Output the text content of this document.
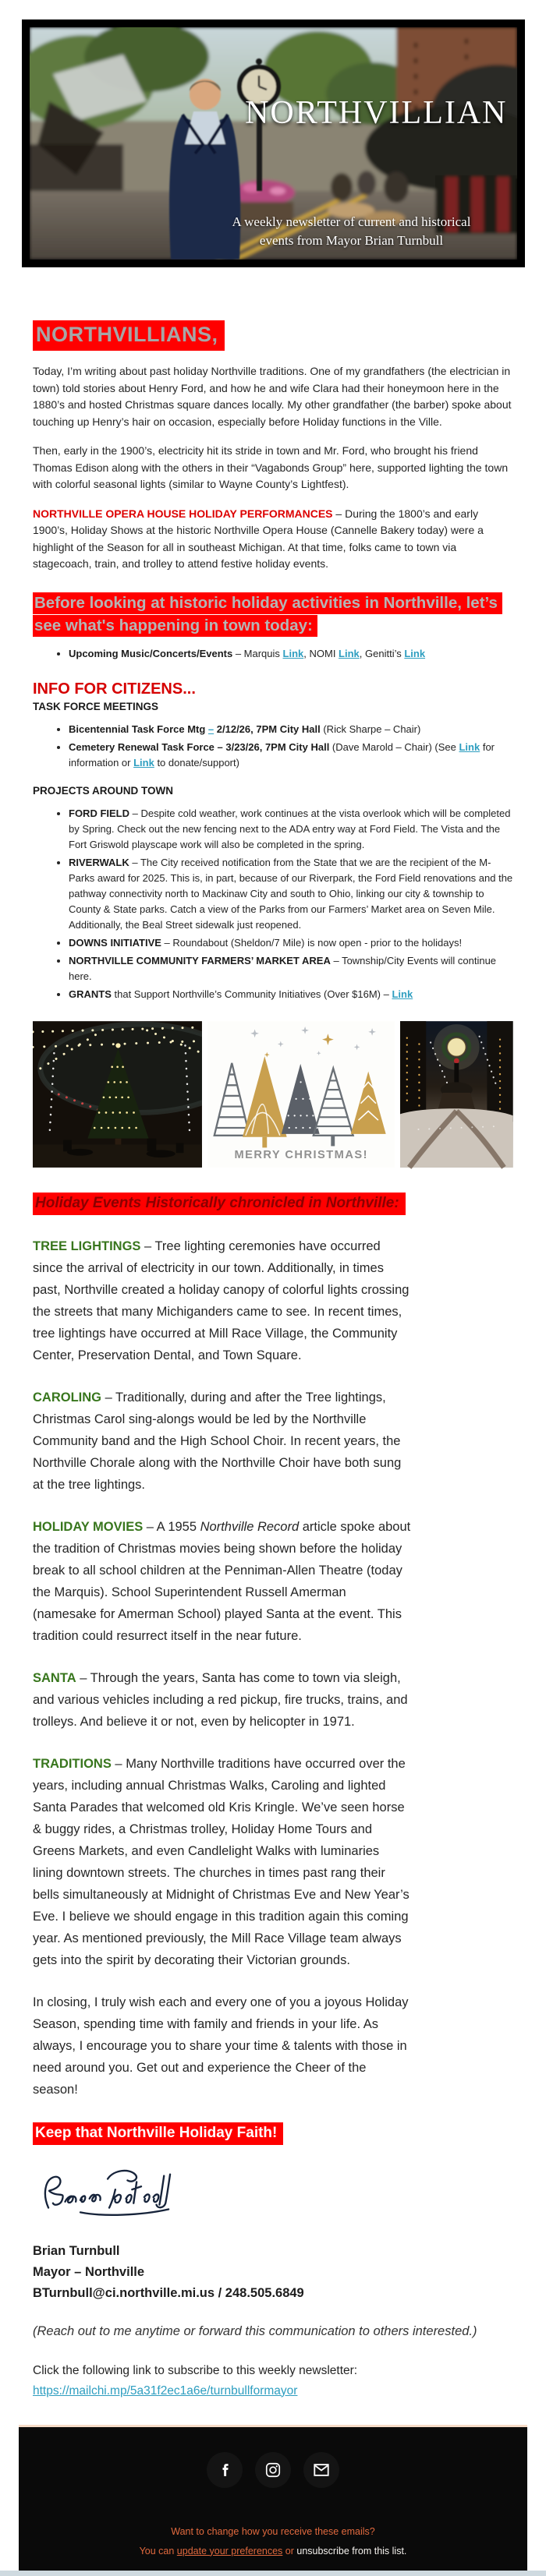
NORTHVILLIAN
A weekly newsletter of current and historical events from Mayor Brian Turnbull
NORTHVILLIANS,

Today, I’m writing about past holiday Northville traditions. One of my grandfathers (the electrician in town) told stories about Henry Ford, and how he and wife Clara had their honeymoon here in the 1880’s and hosted Christmas square dances locally. My other grandfather (the barber) spoke about touching up Henry’s hair on occasion, especially before Holiday functions in the Ville.

Then, early in the 1900’s, electricity hit its stride in town and Mr. Ford, who brought his friend Thomas Edison along with the others in their “Vagabonds Group” here, supported lighting the town with colorful seasonal lights (similar to Wayne County’s Lightfest).

NORTHVILLE OPERA HOUSE HOLIDAY PERFORMANCES – During the 1800’s and early 1900’s, Holiday Shows at the historic Northville Opera House (Cannelle Bakery today) were a highlight of the Season for all in southeast Michigan. At that time, folks came to town via stagecoach, train, and trolley to attend festive holiday events.

Before looking at historic holiday activities in Northville, let’s see what's happening in town today:
• Upcoming Music/Concerts/Events – Marquis Link, NOMI Link, Genitti’s Link
INFO FOR CITIZENS...
TASK FORCE MEETINGS
• Bicentennial Task Force Mtg – 2/12/26, 7PM City Hall (Rick Sharpe – Chair)
• Cemetery Renewal Task Force – 3/23/26, 7PM City Hall (Dave Marold – Chair) (See Link for information or Link to donate/support)
PROJECTS AROUND TOWN
• FORD FIELD – Despite cold weather, work continues at the vista overlook which will be completed by Spring. Check out the new fencing next to the ADA entry way at Ford Field. The Vista and the Fort Griswold playscape work will also be completed in the spring.
• RIVERWALK – The City received notification from the State that we are the recipient of the M-Parks award for 2025. This is, in part, because of our Riverpark, the Ford Field renovations and the pathway connectivity north to Mackinaw City and south to Ohio, linking our city & township to County & State parks. Catch a view of the Parks from our Farmers’ Market area on Seven Mile. Additionally, the Beal Street sidewalk just reopened.
• DOWNS INITIATIVE – Roundabout (Sheldon/7 Mile) is now open - prior to the holidays!
• NORTHVILLE COMMUNITY FARMERS’ MARKET AREA – Township/City Events will continue here.
• GRANTS that Support Northville’s Community Initiatives (Over $16M) – Link
MERRY CHRISTMAS!
Holiday Events Historically chronicled in Northville:

TREE LIGHTINGS – Tree lighting ceremonies have occurred since the arrival of electricity in our town. Additionally, in times past, Northville created a holiday canopy of colorful lights crossing the streets that many Michiganders came to see. In recent times, tree lightings have occurred at Mill Race Village, the Community Center, Preservation Dental, and Town Square.

CAROLING – Traditionally, during and after the Tree lightings, Christmas Carol sing-alongs would be led by the Northville Community band and the High School Choir. In recent years, the Northville Chorale along with the Northville Choir have both sung at the tree lightings.

HOLIDAY MOVIES – A 1955 Northville Record article spoke about the tradition of Christmas movies being shown before the holiday break to all school children at the Penniman-Allen Theatre (today the Marquis). School Superintendent Russell Amerman (namesake for Amerman School) played Santa at the event. This tradition could resurrect itself in the near future.

SANTA – Through the years, Santa has come to town via sleigh, and various vehicles including a red pickup, fire trucks, trains, and trolleys. And believe it or not, even by helicopter in 1971.

TRADITIONS – Many Northville traditions have occurred over the years, including annual Christmas Walks, Caroling and lighted Santa Parades that welcomed old Kris Kringle. We’ve seen horse & buggy rides, a Christmas trolley, Holiday Home Tours and Greens Markets, and even Candlelight Walks with luminaries lining downtown streets. The churches in times past rang their bells simultaneously at Midnight of Christmas Eve and New Year’s Eve. I believe we should engage in this tradition again this coming year. As mentioned previously, the Mill Race Village team always gets into the spirit by decorating their Victorian grounds.

In closing, I truly wish each and every one of you a joyous Holiday Season, spending time with family and friends in your life. As always, I encourage you to share your time & talents with those in need around you. Get out and experience the Cheer of the season!

Keep that Northville Holiday Faith!
Brian Turnbull
Mayor – Northville
BTurnbull@ci.northville.mi.us / 248.505.6849

(Reach out to me anytime or forward this communication to others interested.)

Click the following link to subscribe to this weekly newsletter:
https://mailchi.mp/5a31f2ec1a6e/turnbullformayor

Want to change how you receive these emails?
You can update your preferences or unsubscribe from this list.
